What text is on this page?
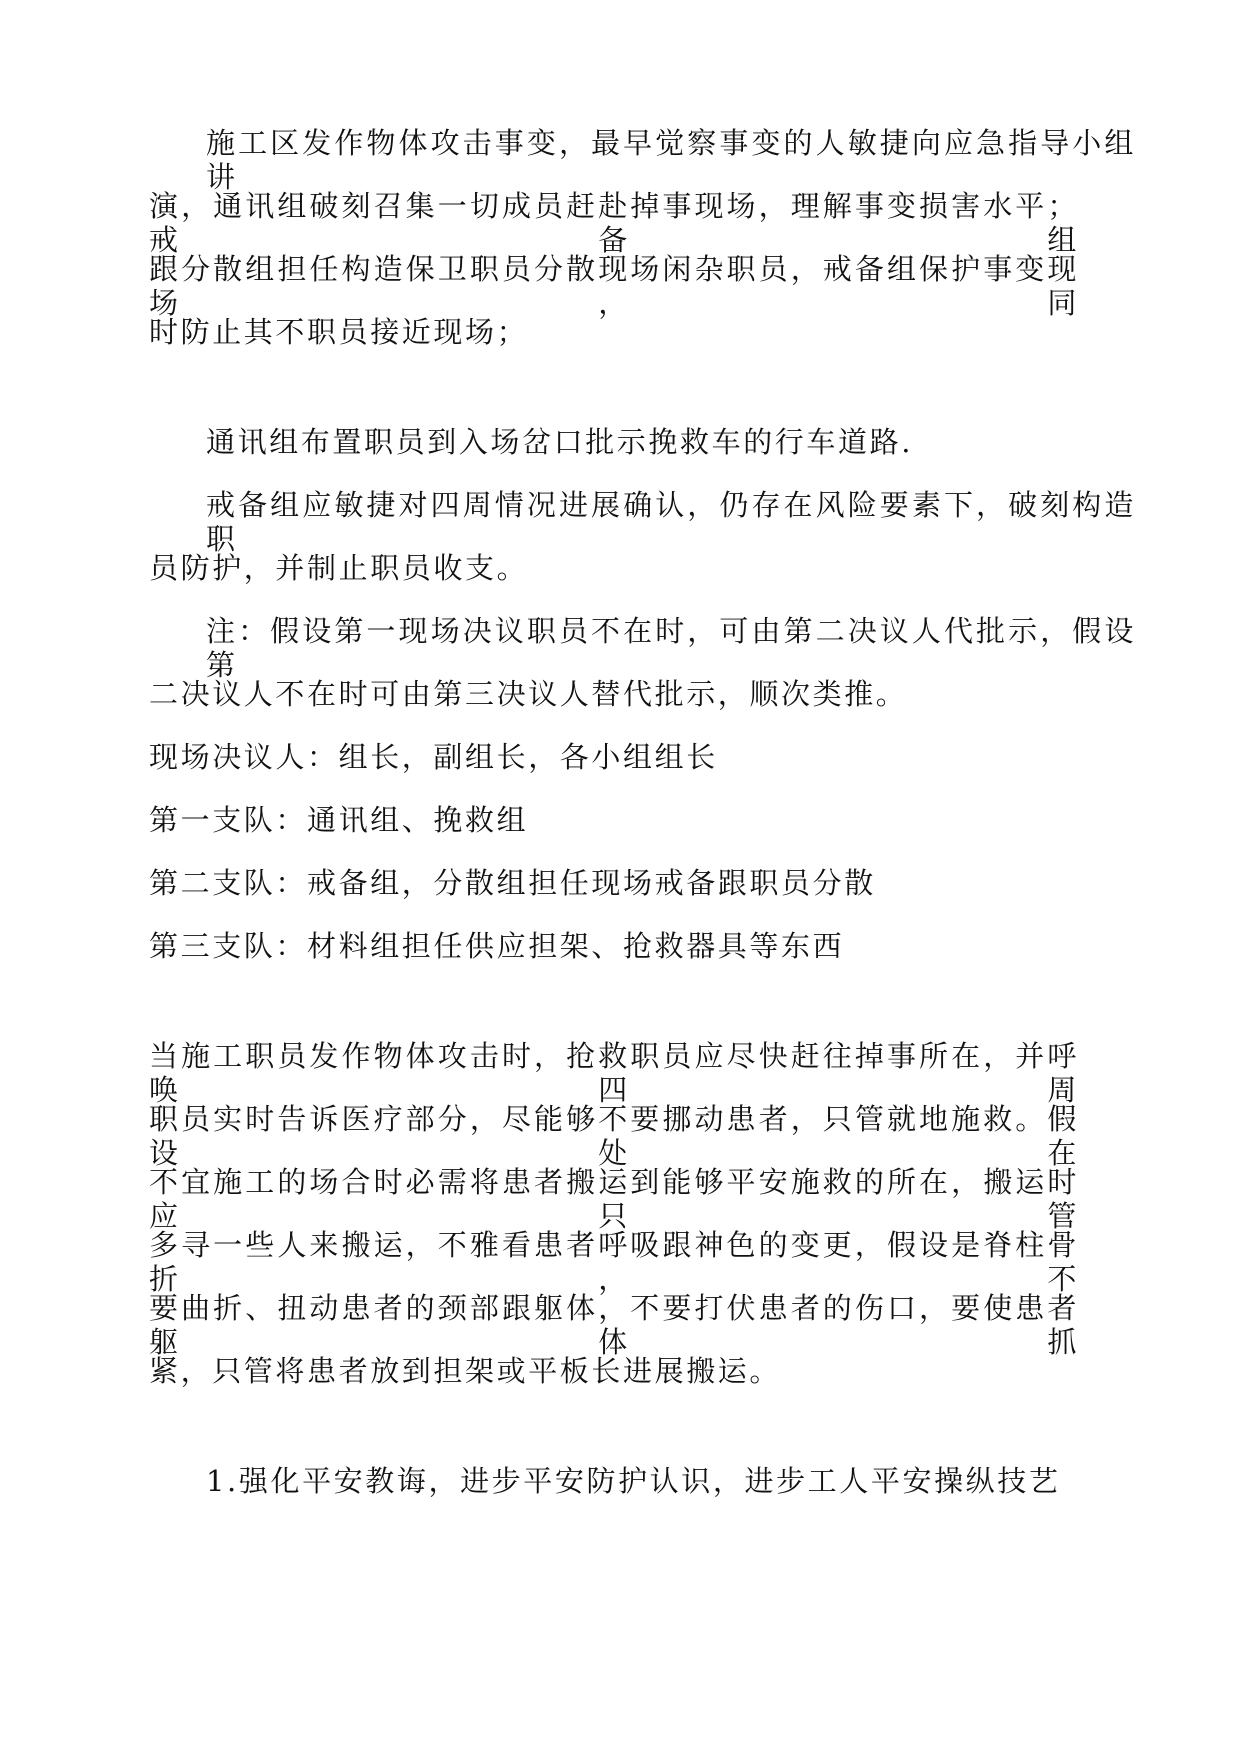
施工区发作物体攻击事变，最早觉察事变的人敏捷向应急指导小组讲
演，通讯组破刻召集一切成员赶赴掉事现场，理解事变损害水平；戒备组
跟分散组担任构造保卫职员分散现场闲杂职员，戒备组保护事变现场，同
时防止其不职员接近现场；
通讯组布置职员到入场岔口批示挽救车的行车道路.
戒备组应敏捷对四周情况进展确认，仍存在风险要素下，破刻构造职
员防护，并制止职员收支。
注：假设第一现场决议职员不在时，可由第二决议人代批示，假设第
二决议人不在时可由第三决议人替代批示，顺次类推。
现场决议人：组长，副组长，各小组组长
第一支队：通讯组、挽救组
第二支队：戒备组，分散组担任现场戒备跟职员分散
第三支队：材料组担任供应担架、抢救器具等东西
当施工职员发作物体攻击时，抢救职员应尽快赶往掉事所在，并呼唤四周
职员实时告诉医疗部分，尽能够不要挪动患者，只管就地施救。假设处在
不宜施工的场合时必需将患者搬运到能够平安施救的所在，搬运时应只管
多寻一些人来搬运，不雅看患者呼吸跟神色的变更，假设是脊柱骨折，不
要曲折、扭动患者的颈部跟躯体，不要打伏患者的伤口，要使患者躯体抓
紧，只管将患者放到担架或平板长进展搬运。
1.强化平安教诲，进步平安防护认识，进步工人平安操纵技艺
